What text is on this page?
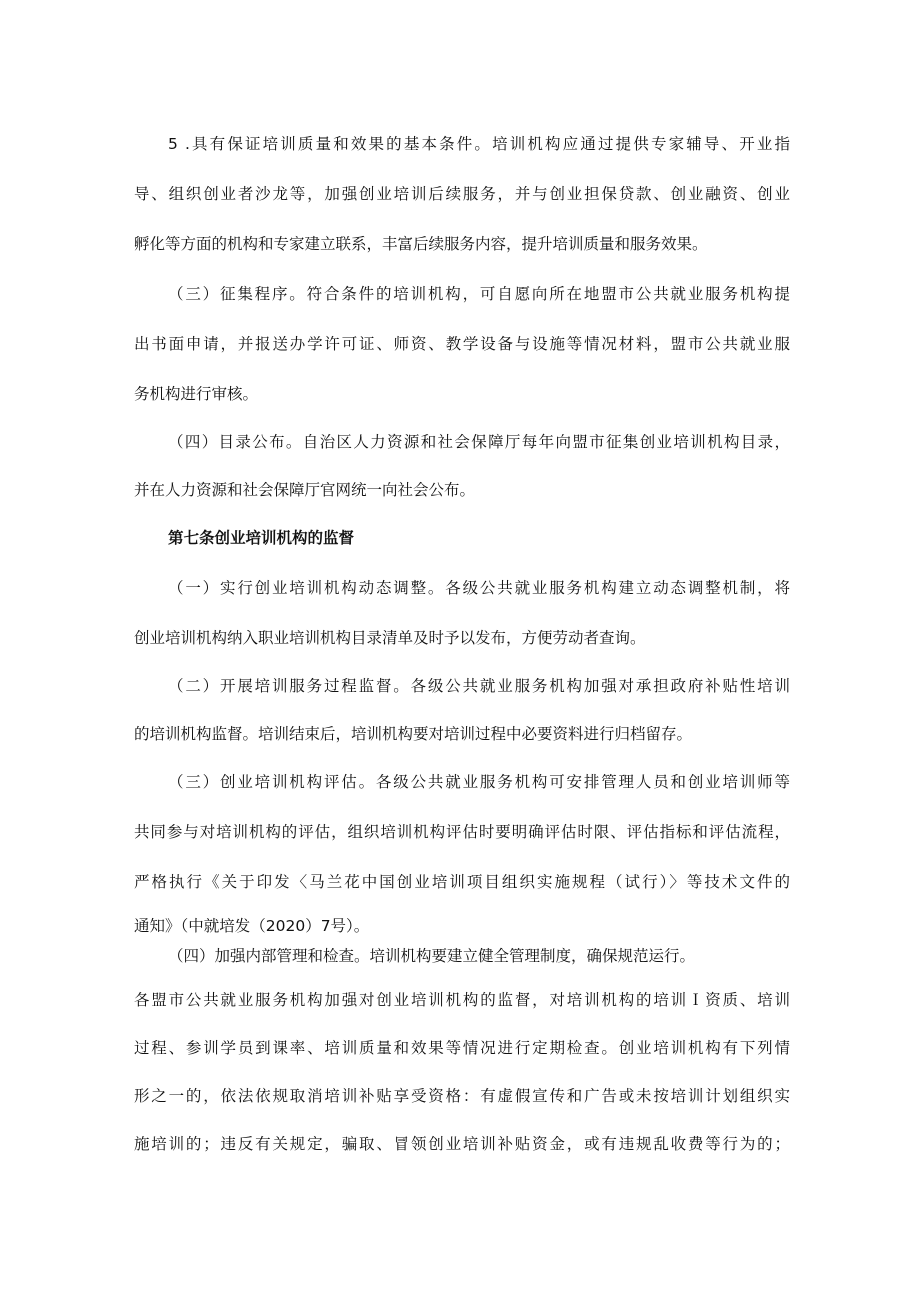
5 .具有保证培训质量和效果的基本条件。培训机构应通过提供专家辅导、开业指
导、组织创业者沙龙等，加强创业培训后续服务，并与创业担保贷款、创业融资、创业
孵化等方面的机构和专家建立联系，丰富后续服务内容，提升培训质量和服务效果。
（三）征集程序。符合条件的培训机构，可自愿向所在地盟市公共就业服务机构提
出书面申请，并报送办学许可证、师资、教学设备与设施等情况材料，盟市公共就业服
务机构进行审核。
（四）目录公布。自治区人力资源和社会保障厅每年向盟市征集创业培训机构目录，
并在人力资源和社会保障厅官网统一向社会公布。
第七条创业培训机构的监督
（一）实行创业培训机构动态调整。各级公共就业服务机构建立动态调整机制，将
创业培训机构纳入职业培训机构目录清单及时予以发布，方便劳动者查询。
（二）开展培训服务过程监督。各级公共就业服务机构加强对承担政府补贴性培训
的培训机构监督。培训结束后，培训机构要对培训过程中必要资料进行归档留存。
（三）创业培训机构评估。各级公共就业服务机构可安排管理人员和创业培训师等
共同参与对培训机构的评估，组织培训机构评估时要明确评估时限、评估指标和评估流程，
严格执行《关于印发〈马兰花中国创业培训项目组织实施规程（试行）〉等技术文件的
通知》（中就培发（2020）7号）。
（四）加强内部管理和检查。培训机构要建立健全管理制度，确保规范运行。
各盟市公共就业服务机构加强对创业培训机构的监督，对培训机构的培训Ｉ资质、培训
过程、参训学员到课率、培训质量和效果等情况进行定期检查。创业培训机构有下列情
形之一的，依法依规取消培训补贴享受资格：有虚假宣传和广告或未按培训计划组织实
施培训的；违反有关规定，骗取、冒领创业培训补贴资金，或有违规乱收费等行为的；
